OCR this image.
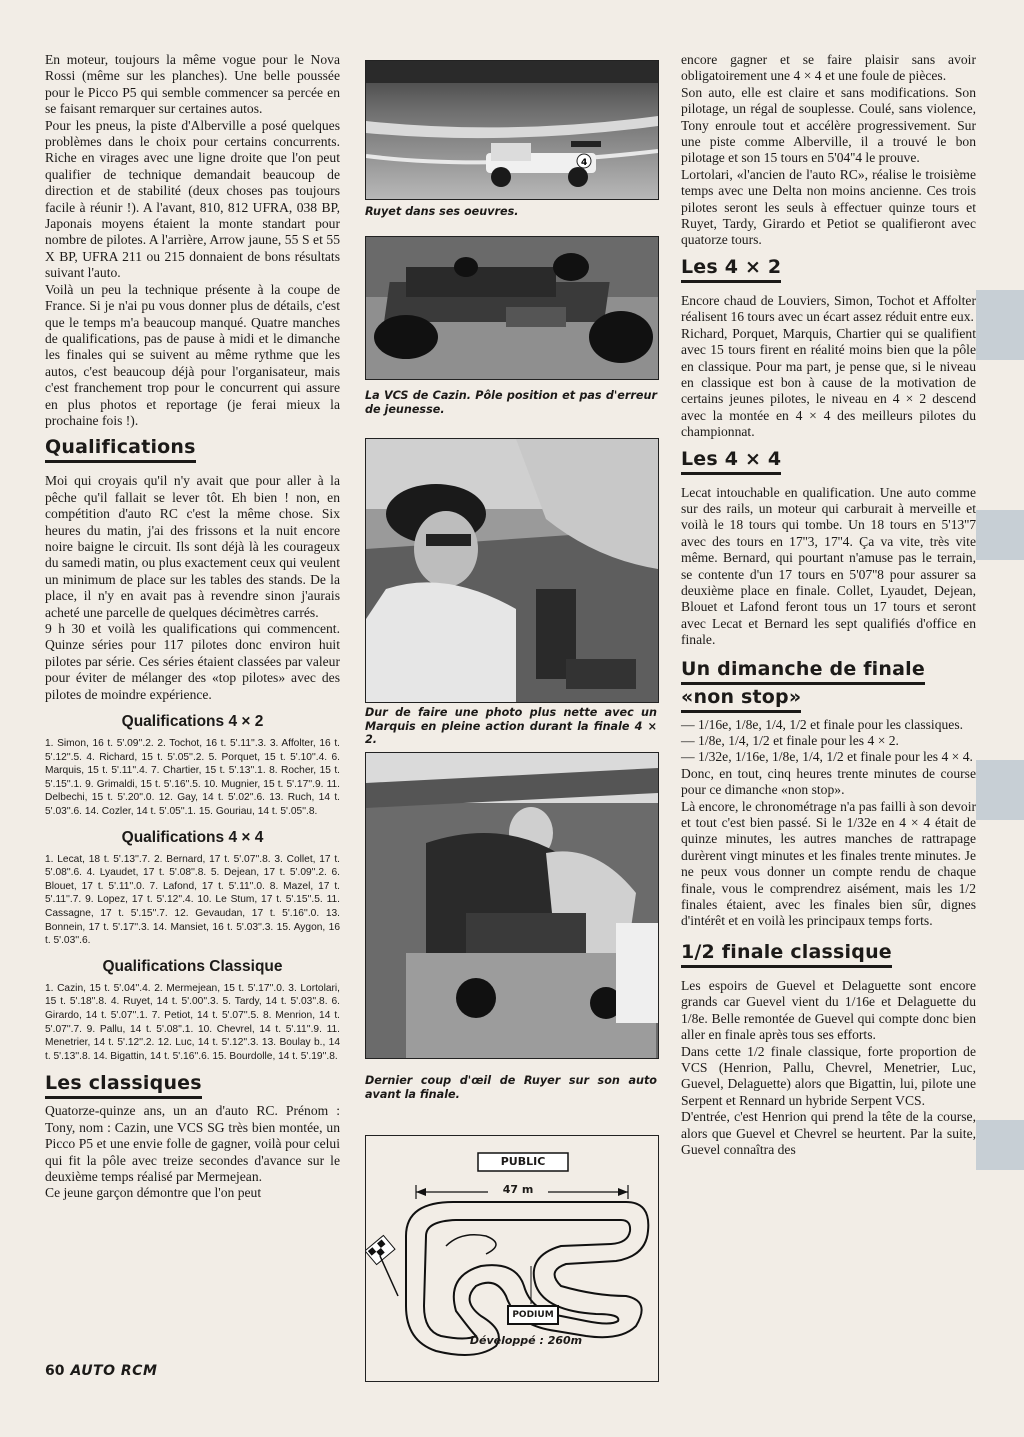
En moteur, toujours la même vogue pour le Nova Rossi (même sur les planches). Une belle poussée pour le Picco P5 qui semble commencer sa percée en se faisant remarquer sur certaines autos.

Pour les pneus, la piste d'Alberville a posé quelques problèmes dans le choix pour certains concurrents. Riche en virages avec une ligne droite que l'on peut qualifier de technique demandait beaucoup de direction et de stabilité (deux choses pas toujours facile à réunir !). A l'avant, 810, 812 UFRA, 038 BP, Japonais moyens étaient la monte standart pour nombre de pilotes. A l'arrière, Arrow jaune, 55 S et 55 X BP, UFRA 211 ou 215 donnaient de bons résultats suivant l'auto.

Voilà un peu la technique présente à la coupe de France. Si je n'ai pu vous donner plus de détails, c'est que le temps m'a beaucoup manqué. Quatre manches de qualifications, pas de pause à midi et le dimanche les finales qui se suivent au même rythme que les autos, c'est beaucoup déjà pour l'organisateur, mais c'est franchement trop pour le concurrent qui assure en plus photos et reportage (je ferai mieux la prochaine fois !).

Qualifications

Moi qui croyais qu'il n'y avait que pour aller à la pêche qu'il fallait se lever tôt. Eh bien ! non, en compétition d'auto RC c'est la même chose. Six heures du matin, j'ai des frissons et la nuit encore noire baigne le circuit. Ils sont déjà là les courageux du samedi matin, ou plus exactement ceux qui veulent un minimum de place sur les tables des stands. De la place, il n'y en avait pas à revendre sinon j'aurais acheté une parcelle de quelques décimètres carrés.

9 h 30 et voilà les qualifications qui commencent. Quinze séries pour 117 pilotes donc environ huit pilotes par série. Ces séries étaient classées par valeur pour éviter de mélanger des «top pilotes» avec des pilotes de moindre expérience.

Qualifications 4 × 2

1. Simon, 16 t. 5'.09''.2. 2. Tochot, 16 t. 5'.11''.3. 3. Affolter, 16 t. 5'.12''.5. 4. Richard, 15 t. 5'.05''.2. 5. Porquet, 15 t. 5'.10''.4. 6. Marquis, 15 t. 5'.11''.4. 7. Chartier, 15 t. 5'.13''.1. 8. Rocher, 15 t. 5'.15''.1. 9. Grimaldi, 15 t. 5'.16''.5. 10. Mugnier, 15 t. 5'.17''.9. 11. Delbechi, 15 t. 5'.20''.0. 12. Gay, 14 t. 5'.02''.6. 13. Ruch, 14 t. 5'.03''.6. 14. Cozler, 14 t. 5'.05''.1. 15. Gouriau, 14 t. 5'.05''.8.

Qualifications 4 × 4

1. Lecat, 18 t. 5'.13''.7. 2. Bernard, 17 t. 5'.07''.8. 3. Collet, 17 t. 5'.08''.6. 4. Lyaudet, 17 t. 5'.08''.8. 5. Dejean, 17 t. 5'.09''.2. 6. Blouet, 17 t. 5'.11''.0. 7. Lafond, 17 t. 5'.11''.0. 8. Mazel, 17 t. 5'.11''.7. 9. Lopez, 17 t. 5'.12''.4. 10. Le Stum, 17 t. 5'.15''.5. 11. Cassagne, 17 t. 5'.15''.7. 12. Gevaudan, 17 t. 5'.16''.0. 13. Bonnein, 17 t. 5'.17''.3. 14. Mansiet, 16 t. 5'.03''.3. 15. Aygon, 16 t. 5'.03''.6.

Qualifications Classique

1. Cazin, 15 t. 5'.04''.4. 2. Mermejean, 15 t. 5'.17''.0. 3. Lortolari, 15 t. 5'.18''.8. 4. Ruyet, 14 t. 5'.00''.3. 5. Tardy, 14 t. 5'.03''.8. 6. Girardo, 14 t. 5'.07''.1. 7. Petiot, 14 t. 5'.07''.5. 8. Menrion, 14 t. 5'.07''.7. 9. Pallu, 14 t. 5'.08''.1. 10. Chevrel, 14 t. 5'.11''.9. 11. Menetrier, 14 t. 5'.12''.2. 12. Luc, 14 t. 5'.12''.3. 13. Boulay b., 14 t. 5'.13''.8. 14. Bigattin, 14 t. 5'.16''.6. 15. Bourdolle, 14 t. 5'.19''.8.

Les classiques

Quatorze-quinze ans, un an d'auto RC. Prénom : Tony, nom : Cazin, une VCS SG très bien montée, un Picco P5 et une envie folle de gagner, voilà pour celui qui fit la pôle avec treize secondes d'avance sur le deuxième temps réalisé par Mermejean.

Ce jeune garçon démontre que l'on peut

4

Ruyet dans ses oeuvres.

La VCS de Cazin. Pôle position et pas d'erreur de jeunesse.

Dur de faire une photo plus nette avec un Marquis en pleine action durant la finale 4 × 2.

Dernier coup d'œil de Ruyer sur son auto avant la finale.

PUBLIC
47 m
PODIUM
Développé : 260m

encore gagner et se faire plaisir sans avoir obligatoirement une 4 × 4 et une foule de pièces.

Son auto, elle est claire et sans modifications. Son pilotage, un régal de souplesse. Coulé, sans violence, Tony enroule tout et accélère progressivement. Sur une piste comme Alberville, il a trouvé le bon pilotage et son 15 tours en 5'04''4 le prouve.

Lortolari, «l'ancien de l'auto RC», réalise le troisième temps avec une Delta non moins ancienne. Ces trois pilotes seront les seuls à effectuer quinze tours et Ruyet, Tardy, Girardo et Petiot se qualifieront avec quatorze tours.

Les 4 × 2

Encore chaud de Louviers, Simon, Tochot et Affolter réalisent 16 tours avec un écart assez réduit entre eux.

Richard, Porquet, Marquis, Chartier qui se qualifient avec 15 tours firent en réalité moins bien que la pôle en classique. Pour ma part, je pense que, si le niveau en classique est bon à cause de la motivation de certains jeunes pilotes, le niveau en 4 × 2 descend avec la montée en 4 × 4 des meilleurs pilotes du championnat.

Les 4 × 4

Lecat intouchable en qualification. Une auto comme sur des rails, un moteur qui carburait à merveille et voilà le 18 tours qui tombe. Un 18 tours en 5'13''7 avec des tours en 17''3, 17''4. Ça va vite, très vite même. Bernard, qui pourtant n'amuse pas le terrain, se contente d'un 17 tours en 5'07''8 pour assurer sa deuxième place en finale. Collet, Lyaudet, Dejean, Blouet et Lafond feront tous un 17 tours et seront avec Lecat et Bernard les sept qualifiés d'office en finale.

Un dimanche de finale
«non stop»

— 1/16e, 1/8e, 1/4, 1/2 et finale pour les classiques.

— 1/8e, 1/4, 1/2 et finale pour les 4 × 2.

— 1/32e, 1/16e, 1/8e, 1/4, 1/2 et finale pour les 4 × 4.

Donc, en tout, cinq heures trente minutes de course pour ce dimanche «non stop».

Là encore, le chronométrage n'a pas failli à son devoir et tout c'est bien passé. Si le 1/32e en 4 × 4 était de quinze minutes, les autres manches de rattrapage durèrent vingt minutes et les finales trente minutes. Je ne peux vous donner un compte rendu de chaque finale, vous le comprendrez aisément, mais les 1/2 finales étaient, avec les finales bien sûr, dignes d'intérêt et en voilà les principaux temps forts.

1/2 finale classique

Les espoirs de Guevel et Delaguette sont encore grands car Guevel vient du 1/16e et Delaguette du 1/8e. Belle remontée de Guevel qui compte donc bien aller en finale après tous ses efforts.

Dans cette 1/2 finale classique, forte proportion de VCS (Henrion, Pallu, Chevrel, Menetrier, Luc, Guevel, Delaguette) alors que Bigattin, lui, pilote une Serpent et Rennard un hybride Serpent VCS.

D'entrée, c'est Henrion qui prend la tête de la course, alors que Guevel et Chevrel se heurtent. Par la suite, Guevel connaîtra des

60 AUTO RCM
